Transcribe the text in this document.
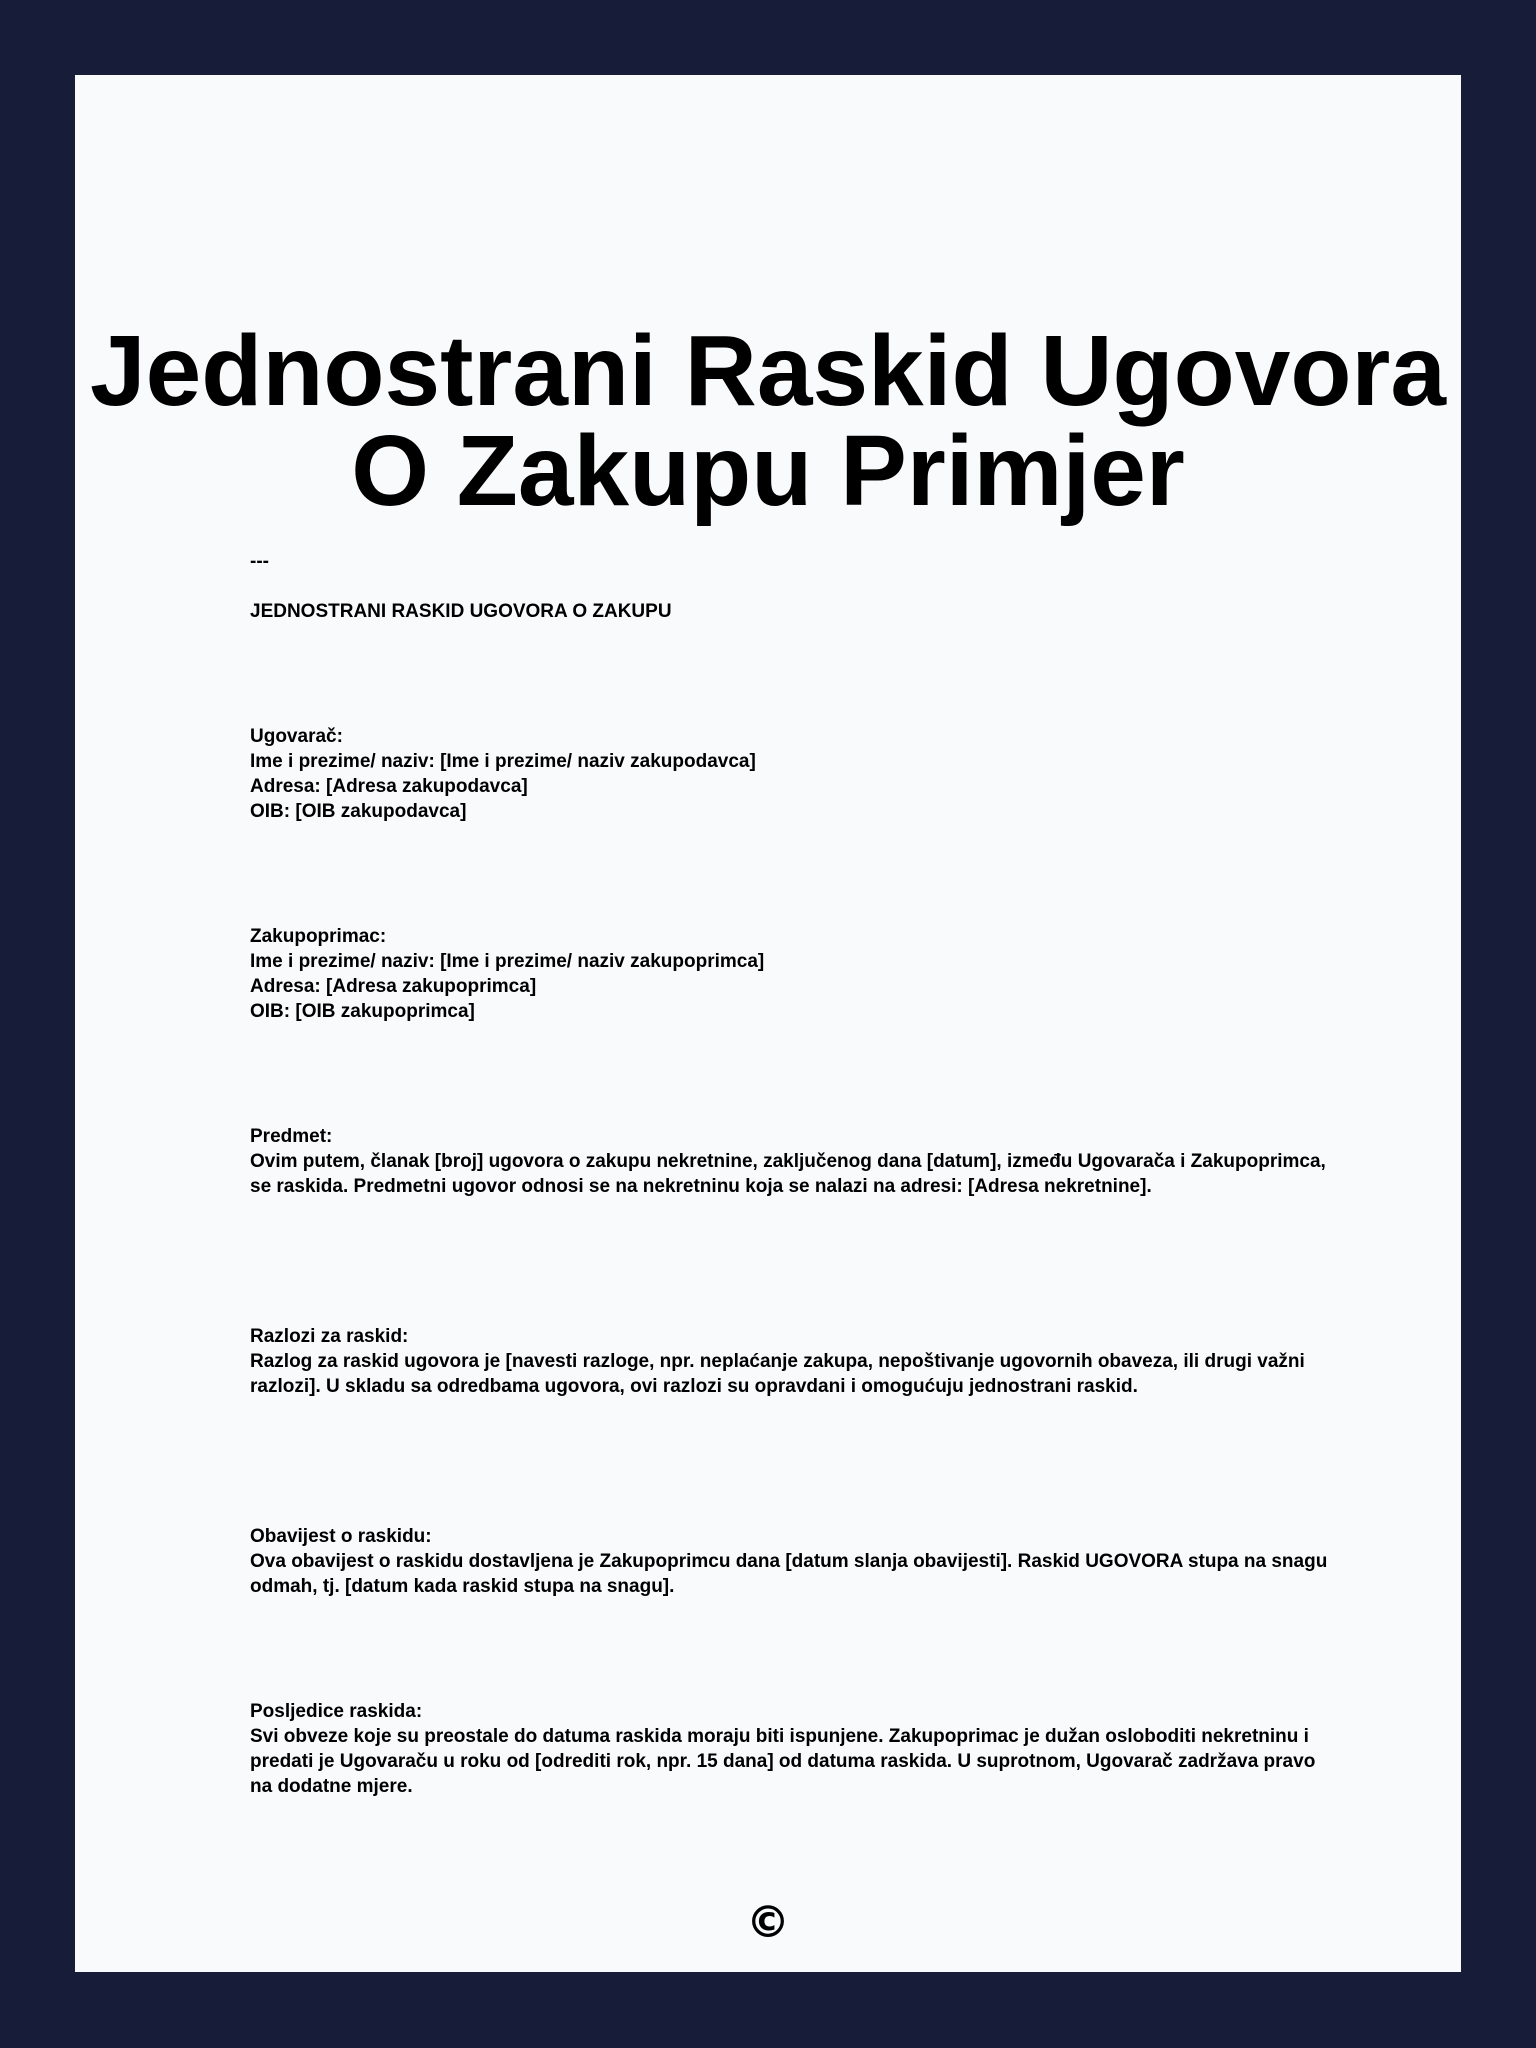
Jednostrani Raskid Ugovora O Zakupu Primjer

---

JEDNOSTRANI RASKID UGOVORA O ZAKUPU

Ugovarač:
Ime i prezime/ naziv: [Ime i prezime/ naziv zakupodavca]
Adresa: [Adresa zakupodavca]
OIB: [OIB zakupodavca]
Zakupoprimac:
Ime i prezime/ naziv: [Ime i prezime/ naziv zakupoprimca]
Adresa: [Adresa zakupoprimca]
OIB: [OIB zakupoprimca]
Predmet:
Ovim putem, članak [broj] ugovora o zakupu nekretnine, zaključenog dana [datum], između Ugovarača i Zakupoprimca, se raskida. Predmetni ugovor odnosi se na nekretninu koja se nalazi na adresi: [Adresa nekretnine].
Razlozi za raskid:
Razlog za raskid ugovora je [navesti razloge, npr. neplaćanje zakupa, nepoštivanje ugovornih obaveza, ili drugi važni razlozi]. U skladu sa odredbama ugovora, ovi razlozi su opravdani i omogućuju jednostrani raskid.
Obavijest o raskidu:
Ova obavijest o raskidu dostavljena je Zakupoprimcu dana [datum slanja obavijesti]. Raskid UGOVORA stupa na snagu odmah, tj. [datum kada raskid stupa na snagu].
Posljedice raskida:
Svi obveze koje su preostale do datuma raskida moraju biti ispunjene. Zakupoprimac je dužan osloboditi nekretninu i predati je Ugovaraču u roku od [odrediti rok, npr. 15 dana] od datuma raskida. U suprotnom, Ugovarač zadržava pravo na dodatne mjere.
©
